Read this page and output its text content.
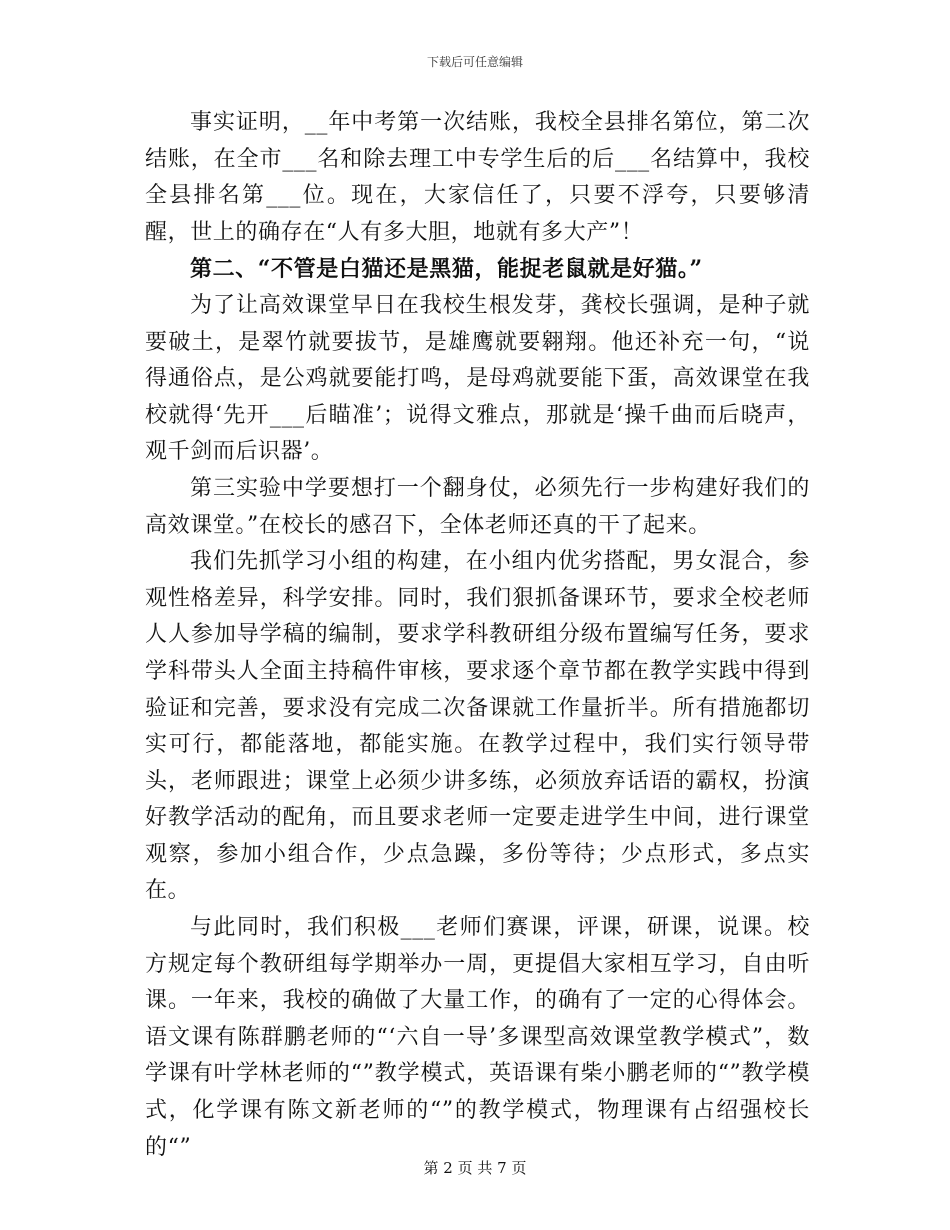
下载后可任意编辑

事实证明，__年中考第一次结账，我校全县排名第位，第二次结账，在全市___名和除去理工中专学生后的后___名结算中，我校全县排名第___位。现在，大家信任了，只要不浮夸，只要够清醒，世上的确存在“人有多大胆，地就有多大产”！

第二、“不管是白猫还是黑猫，能捉老鼠就是好猫。”

为了让高效课堂早日在我校生根发芽，龚校长强调，是种子就要破土，是翠竹就要拔节，是雄鹰就要翱翔。他还补充一句，“说得通俗点，是公鸡就要能打鸣，是母鸡就要能下蛋，高效课堂在我校就得‘先开___后瞄准’；说得文雅点，那就是‘操千曲而后晓声，观千剑而后识器’。

第三实验中学要想打一个翻身仗，必须先行一步构建好我们的高效课堂。”在校长的感召下，全体老师还真的干了起来。

我们先抓学习小组的构建，在小组内优劣搭配，男女混合，参观性格差异，科学安排。同时，我们狠抓备课环节，要求全校老师人人参加导学稿的编制，要求学科教研组分级布置编写任务，要求学科带头人全面主持稿件审核，要求逐个章节都在教学实践中得到验证和完善，要求没有完成二次备课就工作量折半。所有措施都切实可行，都能落地，都能实施。在教学过程中，我们实行领导带头，老师跟进；课堂上必须少讲多练，必须放弃话语的霸权，扮演好教学活动的配角，而且要求老师一定要走进学生中间，进行课堂观察，参加小组合作，少点急躁，多份等待；少点形式，多点实在。

与此同时，我们积极___老师们赛课，评课，研课，说课。校方规定每个教研组每学期举办一周，更提倡大家相互学习，自由听课。一年来，我校的确做了大量工作，的确有了一定的心得体会。语文课有陈群鹏老师的“‘六自一导’多课型高效课堂教学模式”，数学课有叶学林老师的“”教学模式，英语课有柴小鹏老师的“”教学模式，化学课有陈文新老师的“”的教学模式，物理课有占绍强校长的“”

第 2 页 共 7 页
